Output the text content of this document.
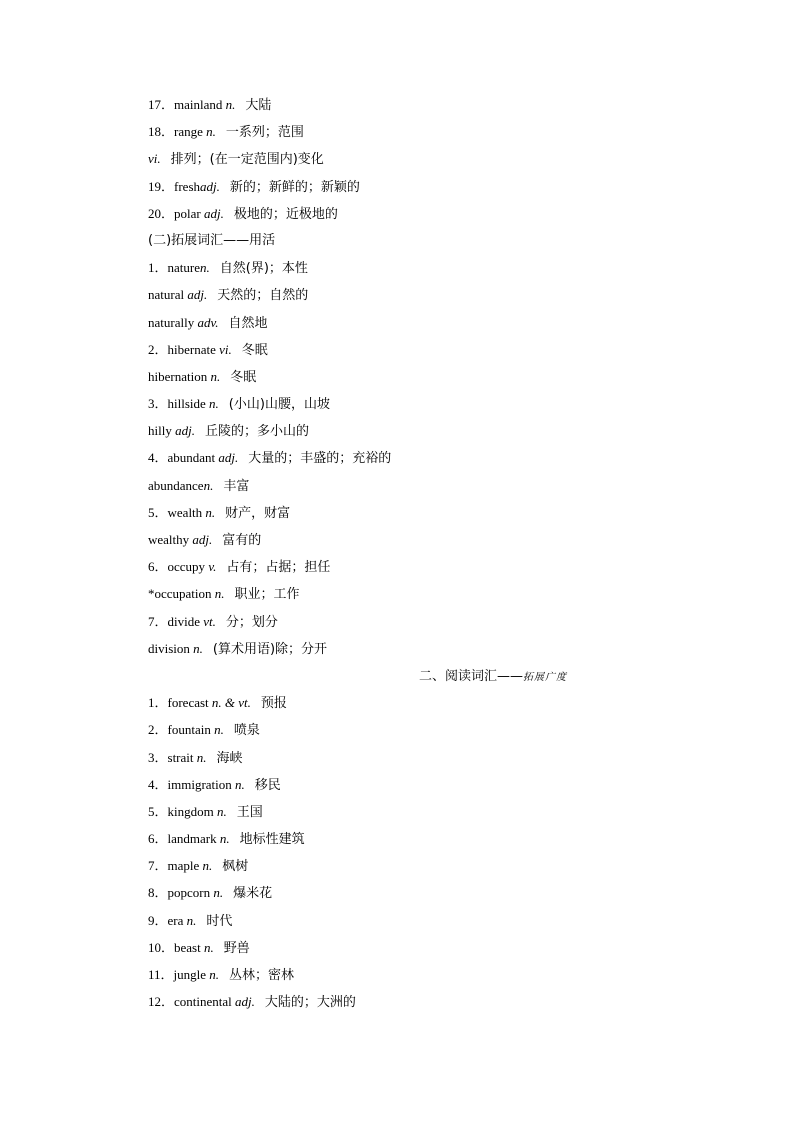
17．mainland n. 大陆
18．range n. 一系列；范围
vi. 排列；(在一定范围内)变化
19．freshadj. 新的；新鲜的；新颖的
20．polar adj. 极地的；近极地的
(二)拓展词汇——用活
1．naturen. 自然(界)；本性
natural adj. 天然的；自然的
naturally adv. 自然地
2．hibernate vi. 冬眠
hibernation n. 冬眠
3．hillside n. (小山)山腰，山坡
hilly adj. 丘陵的；多小山的
4．abundant adj. 大量的；丰盛的；充裕的
abundancen. 丰富
5．wealth n. 财产，财富
wealthy adj. 富有的
6．occupy v. 占有；占据；担任
*occupation n. 职业；工作
7．divide vt. 分；划分
division n. (算术用语)除；分开
二、阅读词汇——拓展广度
1．forecast n. & vt. 预报
2．fountain n. 喷泉
3．strait n. 海峡
4．immigration n. 移民
5．kingdom n. 王国
6．landmark n. 地标性建筑
7．maple n. 枫树
8．popcorn n. 爆米花
9．era n. 时代
10．beast n. 野兽
11．jungle n. 丛林；密林
12．continental adj. 大陆的；大洲的
